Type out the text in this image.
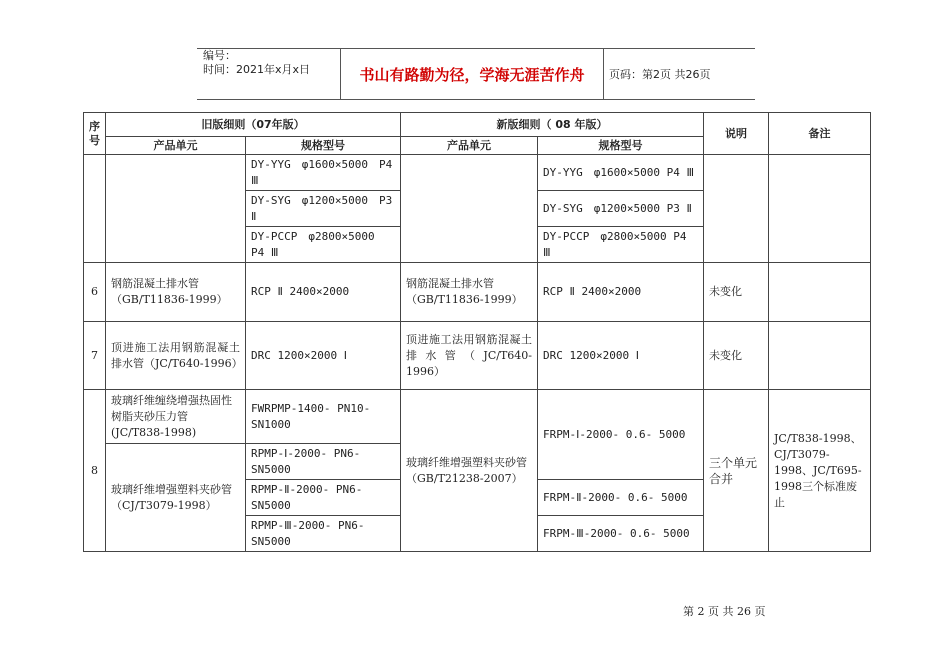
编号：
时间：2021年x月x日	书山有路勤为径，学海无涯苦作舟	页码：第2页 共26页
序号	旧版细则（07年版）		新版细则（ 08 年版）		说明	备注
	产品单元	规格型号	产品单元	规格型号		
		DY-YYG　φ1600×5000　P4 Ⅲ		DY-YYG　φ1600×5000 P4 Ⅲ		
		DY-SYG　φ1200×5000　P3 Ⅱ		DY-SYG　φ1200×5000 P3 Ⅱ		
		DY-PCCP　φ2800×5000　P4 Ⅲ		DY-PCCP　φ2800×5000 P4 Ⅲ		
6	钢筋混凝土排水管（GB/T11836-1999）	RCP Ⅱ 2400×2000	钢筋混凝土排水管（GB/T11836-1999）	RCP Ⅱ 2400×2000	未变化	
7	顶进施工法用钢筋混凝土排水管（JC/T640-1996）	DRC 1200×2000 Ⅰ	顶进施工法用钢筋混凝土排水管（JC/T640-1996）	DRC 1200×2000 Ⅰ	未变化	
8	玻璃纤维缠绕增强热固性树脂夹砂压力管(JC/T838-1998)	FWRPMP-1400- PN10-SN1000	玻璃纤维增强塑料夹砂管（GB/T21238-2007）	FRPM-Ⅰ-2000- 0.6- 5000	三个单元合并	JC/T838-1998、CJ/T3079-1998、JC/T695-1998三个标准废止
	玻璃纤维增强塑料夹砂管（CJ/T3079-1998）	RPMP-Ⅰ-2000- PN6-SN5000				
		RPMP-Ⅱ-2000- PN6-SN5000		FRPM-Ⅱ-2000- 0.6- 5000		
		RPMP-Ⅲ-2000- PN6-SN5000		FRPM-Ⅲ-2000- 0.6- 5000		
第 2 页 共 26 页
